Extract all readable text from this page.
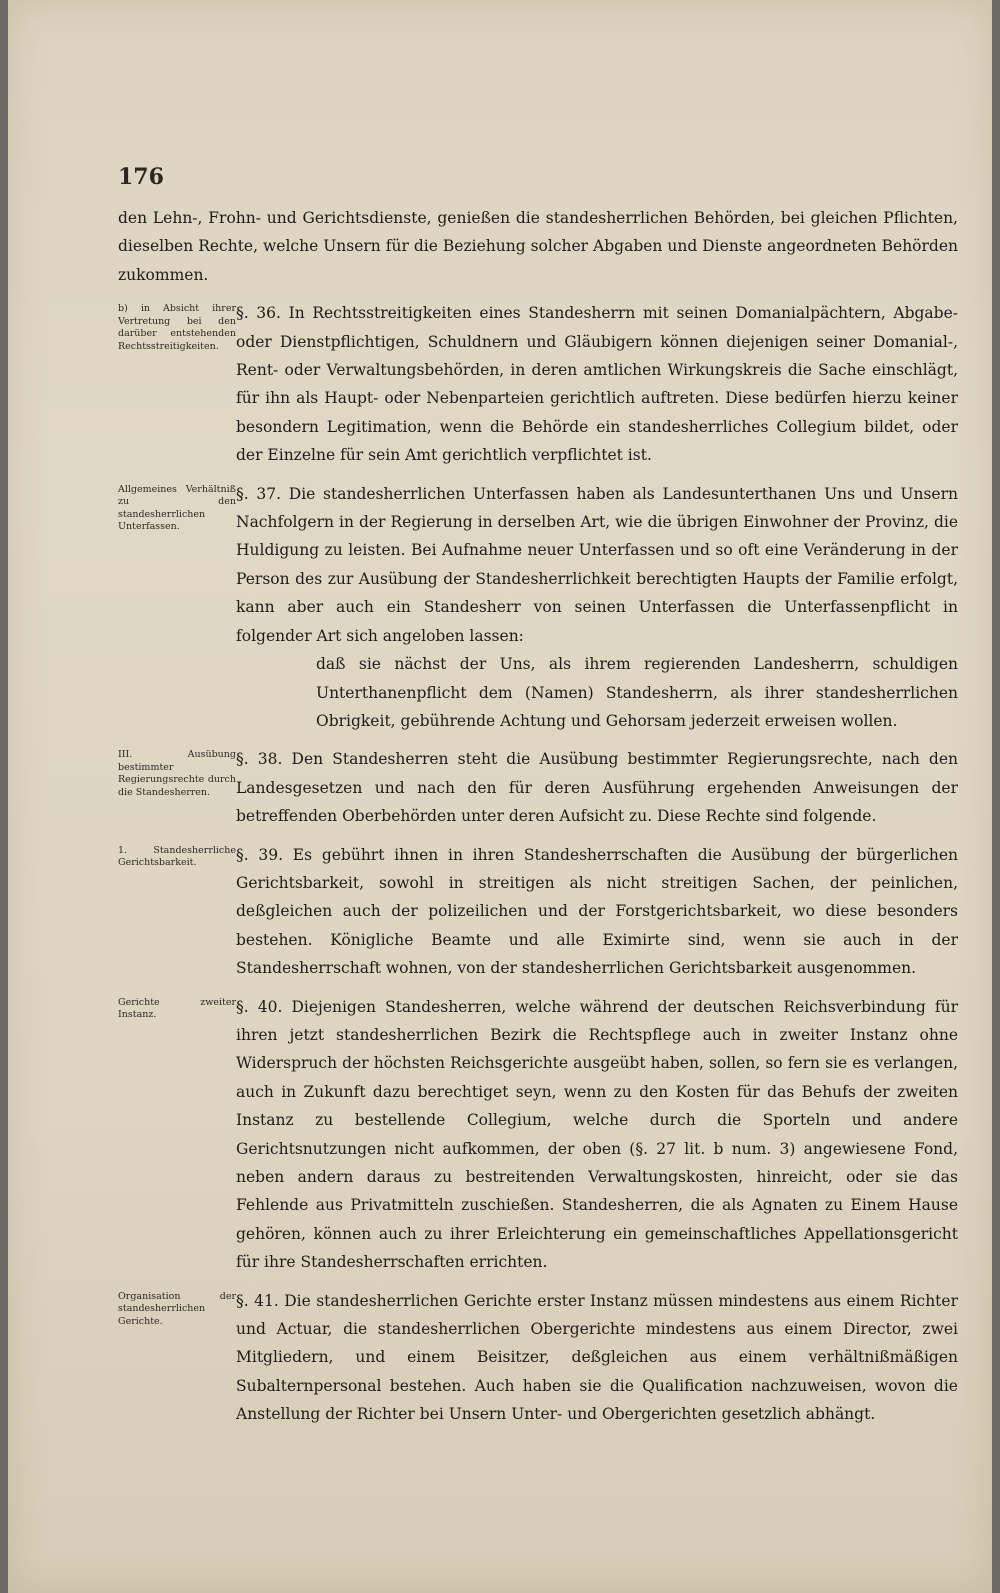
176

den Lehn-, Frohn- und Gerichtsdienste, genießen die standesherrlichen Behörden, bei gleichen Pflichten, dieselben Rechte, welche Unsern für die Beziehung solcher Abgaben und Dienste angeordneten Behörden zukommen.

b) in Absicht ihrer Vertretung bei den darüber entstehenden Rechtsstreitigkeiten.
§. 36. In Rechtsstreitigkeiten eines Standesherrn mit seinen Domanialpächtern, Abgabe- oder Dienstpflichtigen, Schuldnern und Gläubigern können diejenigen seiner Domanial-, Rent- oder Verwaltungsbehörden, in deren amtlichen Wirkungskreis die Sache einschlägt, für ihn als Haupt- oder Nebenparteien gerichtlich auftreten. Diese bedürfen hierzu keiner besondern Legitimation, wenn die Behörde ein standesherrliches Collegium bildet, oder der Einzelne für sein Amt gerichtlich verpflichtet ist.
Allgemeines Verhältniß zu den standesherrlichen Unterfassen.
§. 37. Die standesherrlichen Unterfassen haben als Landesunterthanen Uns und Unsern Nachfolgern in der Regierung in derselben Art, wie die übrigen Einwohner der Provinz, die Huldigung zu leisten. Bei Aufnahme neuer Unterfassen und so oft eine Veränderung in der Person des zur Ausübung der Standesherrlichkeit berechtigten Haupts der Familie erfolgt, kann aber auch ein Standesherr von seinen Unterfassen die Unterfassenpflicht in folgender Art sich angeloben lassen:
daß sie nächst der Uns, als ihrem regierenden Landesherrn, schuldigen Unterthanenpflicht dem (Namen) Standesherrn, als ihrer standesherrlichen Obrigkeit, gebührende Achtung und Gehorsam jederzeit erweisen wollen.
III. Ausübung bestimmter Regierungsrechte durch die Standesherren.
§. 38. Den Standesherren steht die Ausübung bestimmter Regierungsrechte, nach den Landesgesetzen und nach den für deren Ausführung ergehenden Anweisungen der betreffenden Oberbehörden unter deren Aufsicht zu. Diese Rechte sind folgende.
1. Standesherrliche Gerichtsbarkeit.	§. 39. Es gebührt ihnen in ihren Standesherrschaften die Ausübung der bürgerlichen Gerichtsbarkeit, sowohl in streitigen als nicht streitigen Sachen, der peinlichen, deßgleichen auch der polizeilichen und der Forstgerichtsbarkeit, wo diese besonders bestehen. Königliche Beamte und alle Eximirte sind, wenn sie auch in der Standesherrschaft wohnen, von der standesherrlichen Gerichtsbarkeit ausgenommen.
Gerichte zweiter Instanz.	§. 40. Diejenigen Standesherren, welche während der deutschen Reichsverbindung für ihren jetzt standesherrlichen Bezirk die Rechtspflege auch in zweiter Instanz ohne Widerspruch der höchsten Reichsgerichte ausgeübt haben, sollen, so fern sie es verlangen, auch in Zukunft dazu berechtiget seyn, wenn zu den Kosten für das Behufs der zweiten Instanz zu bestellende Collegium, welche durch die Sporteln und andere Gerichtsnutzungen nicht aufkommen, der oben (§. 27 lit. b num. 3) angewiesene Fond, neben andern daraus zu bestreitenden Verwaltungskosten, hinreicht, oder sie das Fehlende aus Privatmitteln zuschießen. Standesherren, die als Agnaten zu Einem Hause gehören, können auch zu ihrer Erleichterung ein gemeinschaftliches Appellationsgericht für ihre Standesherrschaften errichten.
Organisation der standesherrlichen Gerichte.
§. 41. Die standesherrlichen Gerichte erster Instanz müssen mindestens aus einem Richter und Actuar, die standesherrlichen Obergerichte mindestens aus einem Director, zwei Mitgliedern, und einem Beisitzer, deßgleichen aus einem verhältnißmäßigen Subalternpersonal bestehen. Auch haben sie die Qualification nachzuweisen, wovon die Anstellung der Richter bei Unsern Unter- und Obergerichten gesetzlich abhängt.
